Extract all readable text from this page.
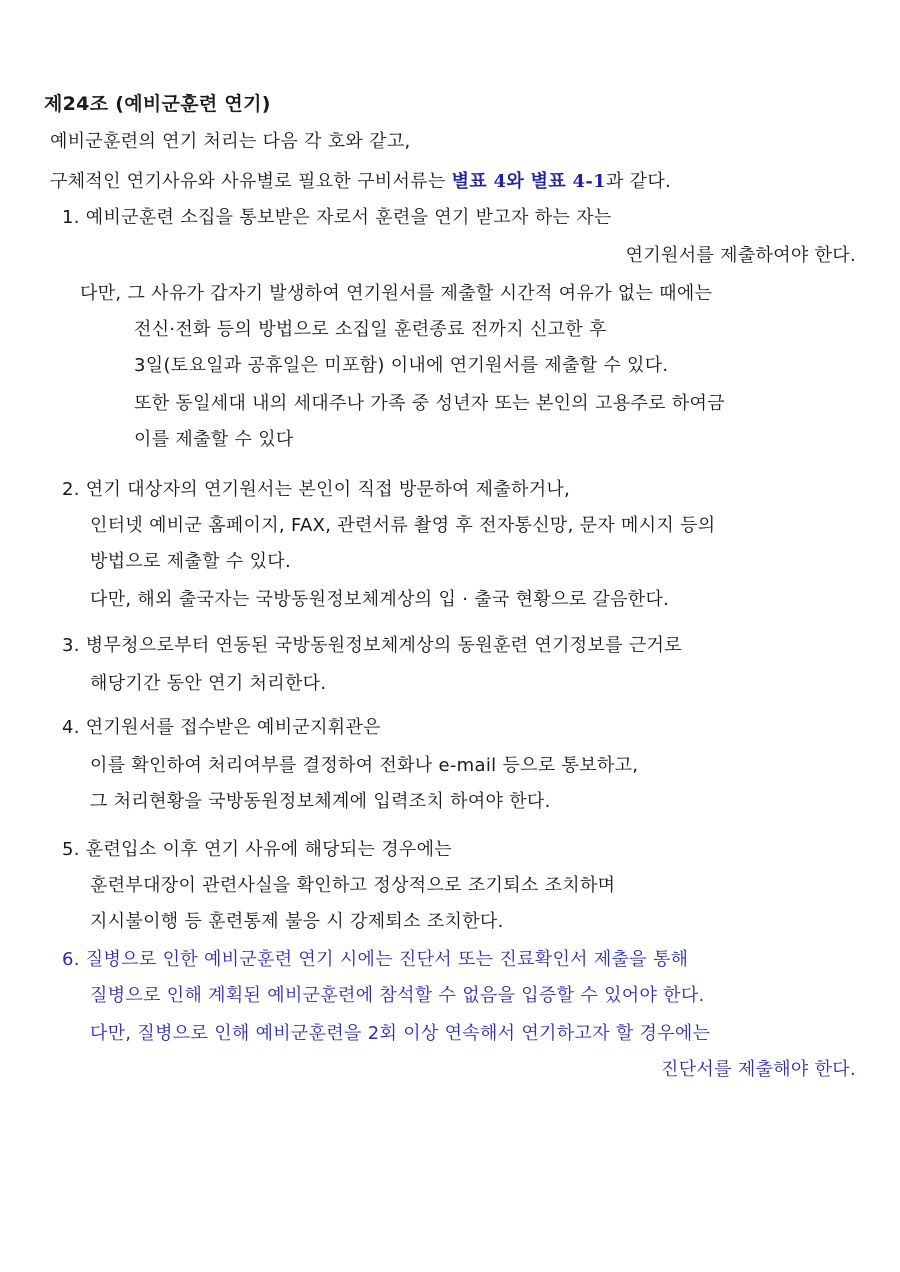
제24조 (예비군훈련 연기)
예비군훈련의 연기 처리는 다음 각 호와 같고,
구체적인 연기사유와 사유별로 필요한 구비서류는 별표 4와 별표 4-1과 같다.
1. 예비군훈련 소집을 통보받은 자로서 훈련을 연기 받고자 하는 자는
연기원서를 제출하여야 한다.
다만, 그 사유가 갑자기 발생하여 연기원서를 제출할 시간적 여유가 없는 때에는
전신·전화 등의 방법으로 소집일 훈련종료 전까지 신고한 후
3일(토요일과 공휴일은 미포함) 이내에 연기원서를 제출할 수 있다.
또한 동일세대 내의 세대주나 가족 중 성년자 또는 본인의 고용주로 하여금
이를 제출할 수 있다
2. 연기 대상자의 연기원서는 본인이 직접 방문하여 제출하거나,
인터넷 예비군 홈페이지, FAX, 관련서류 촬영 후 전자통신망, 문자 메시지 등의
방법으로 제출할 수 있다.
다만, 해외 출국자는 국방동원정보체계상의 입 · 출국 현황으로 갈음한다.
3. 병무청으로부터 연동된 국방동원정보체계상의 동원훈련 연기정보를 근거로
해당기간 동안 연기 처리한다.
4. 연기원서를 접수받은 예비군지휘관은
이를 확인하여 처리여부를 결정하여 전화나 e-mail 등으로 통보하고,
그 처리현황을 국방동원정보체계에 입력조치 하여야 한다.
5. 훈련입소 이후 연기 사유에 해당되는 경우에는
훈련부대장이 관련사실을 확인하고 정상적으로 조기퇴소 조치하며
지시불이행 등 훈련통제 불응 시 강제퇴소 조치한다.
6. 질병으로 인한 예비군훈련 연기 시에는 진단서 또는 진료확인서 제출을 통해
질병으로 인해 계획된 예비군훈련에 참석할 수 없음을 입증할 수 있어야 한다.
다만, 질병으로 인해 예비군훈련을 2회 이상 연속해서 연기하고자 할 경우에는
진단서를 제출해야 한다.
